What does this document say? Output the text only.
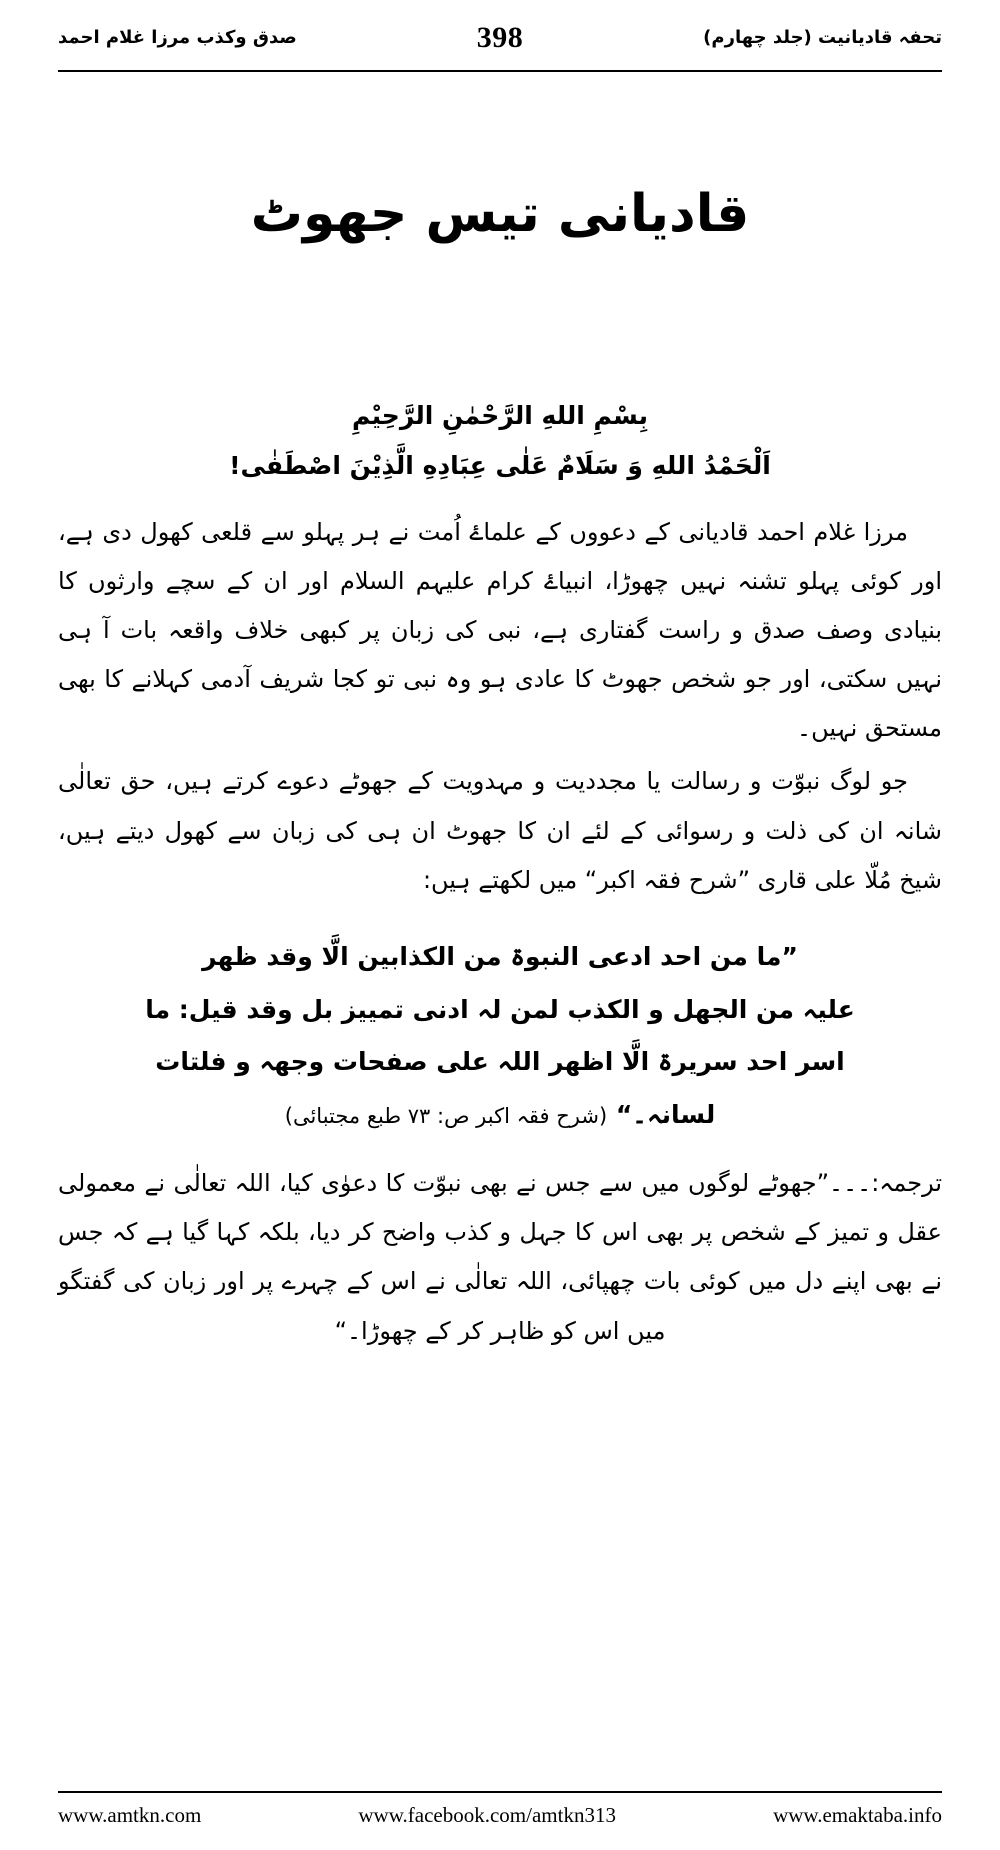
تحفہ قادیانیت (جلد چهارم)
398
صدق وکذب مرزا غلام احمد
قادیانی تیس جھوٹ
بِسْمِ اللهِ الرَّحْمٰنِ الرَّحِيْمِ
اَلْحَمْدُ اللهِ وَ سَلَامٌ عَلٰى عِبَادِهِ الَّذِيْنَ اصْطَفٰى!

مرزا غلام احمد قادیانی کے دعووں کے علماۓ اُمت نے ہر پہلو سے قلعی کھول دی ہے، اور کوئی پہلو تشنہ نہیں چھوڑا، انبیاۓ کرام علیہم السلام اور ان کے سچے وارثوں کا بنیادی وصف صدق و راست گفتاری ہے، نبی کی زبان پر کبھی خلاف واقعہ بات آ ہی نہیں سکتی، اور جو شخص جھوٹ کا عادی ہو وہ نبی تو کجا شریف آدمی کہلانے کا بھی مستحق نہیں۔

جو لوگ نبوّت و رسالت یا مجددیت و مہدویت کے جھوٹے دعوے کرتے ہیں، حق تعالٰی شانہ ان کی ذلت و رسوائی کے لئے ان کا جھوٹ ان ہی کی زبان سے کھول دیتے ہیں، شیخ مُلّا علی قاری ”شرح فقہ اکبر“ میں لکھتے ہیں:

”ما من احد ادعی النبوۃ من الکذابین الَّا وقد ظھر
علیہ من الجھل و الکذب لمن لہ ادنی تمییز بل وقد قیل: ما
اسر احد سریرۃ الَّا اظھر اللہ علی صفحات وجھہ و فلتات
لسانہ۔“ (شرح فقہ اکبر ص: ۷۳ طبع مجتبائی)

ترجمہ:۔۔۔”جھوٹے لوگوں میں سے جس نے بھی نبوّت کا دعوٰی کیا، اللہ تعالٰی نے معمولی عقل و تمیز کے شخص پر بھی اس کا جہل و کذب واضح کر دیا، بلکہ کہا گیا ہے کہ جس نے بھی اپنے دل میں کوئی بات چھپائی، اللہ تعالٰی نے اس کے چہرے پر اور زبان کی گفتگو میں اس کو ظاہر کر کے چھوڑا۔“

www.amtkn.com	www.facebook.com/amtkn313	www.emaktaba.info
